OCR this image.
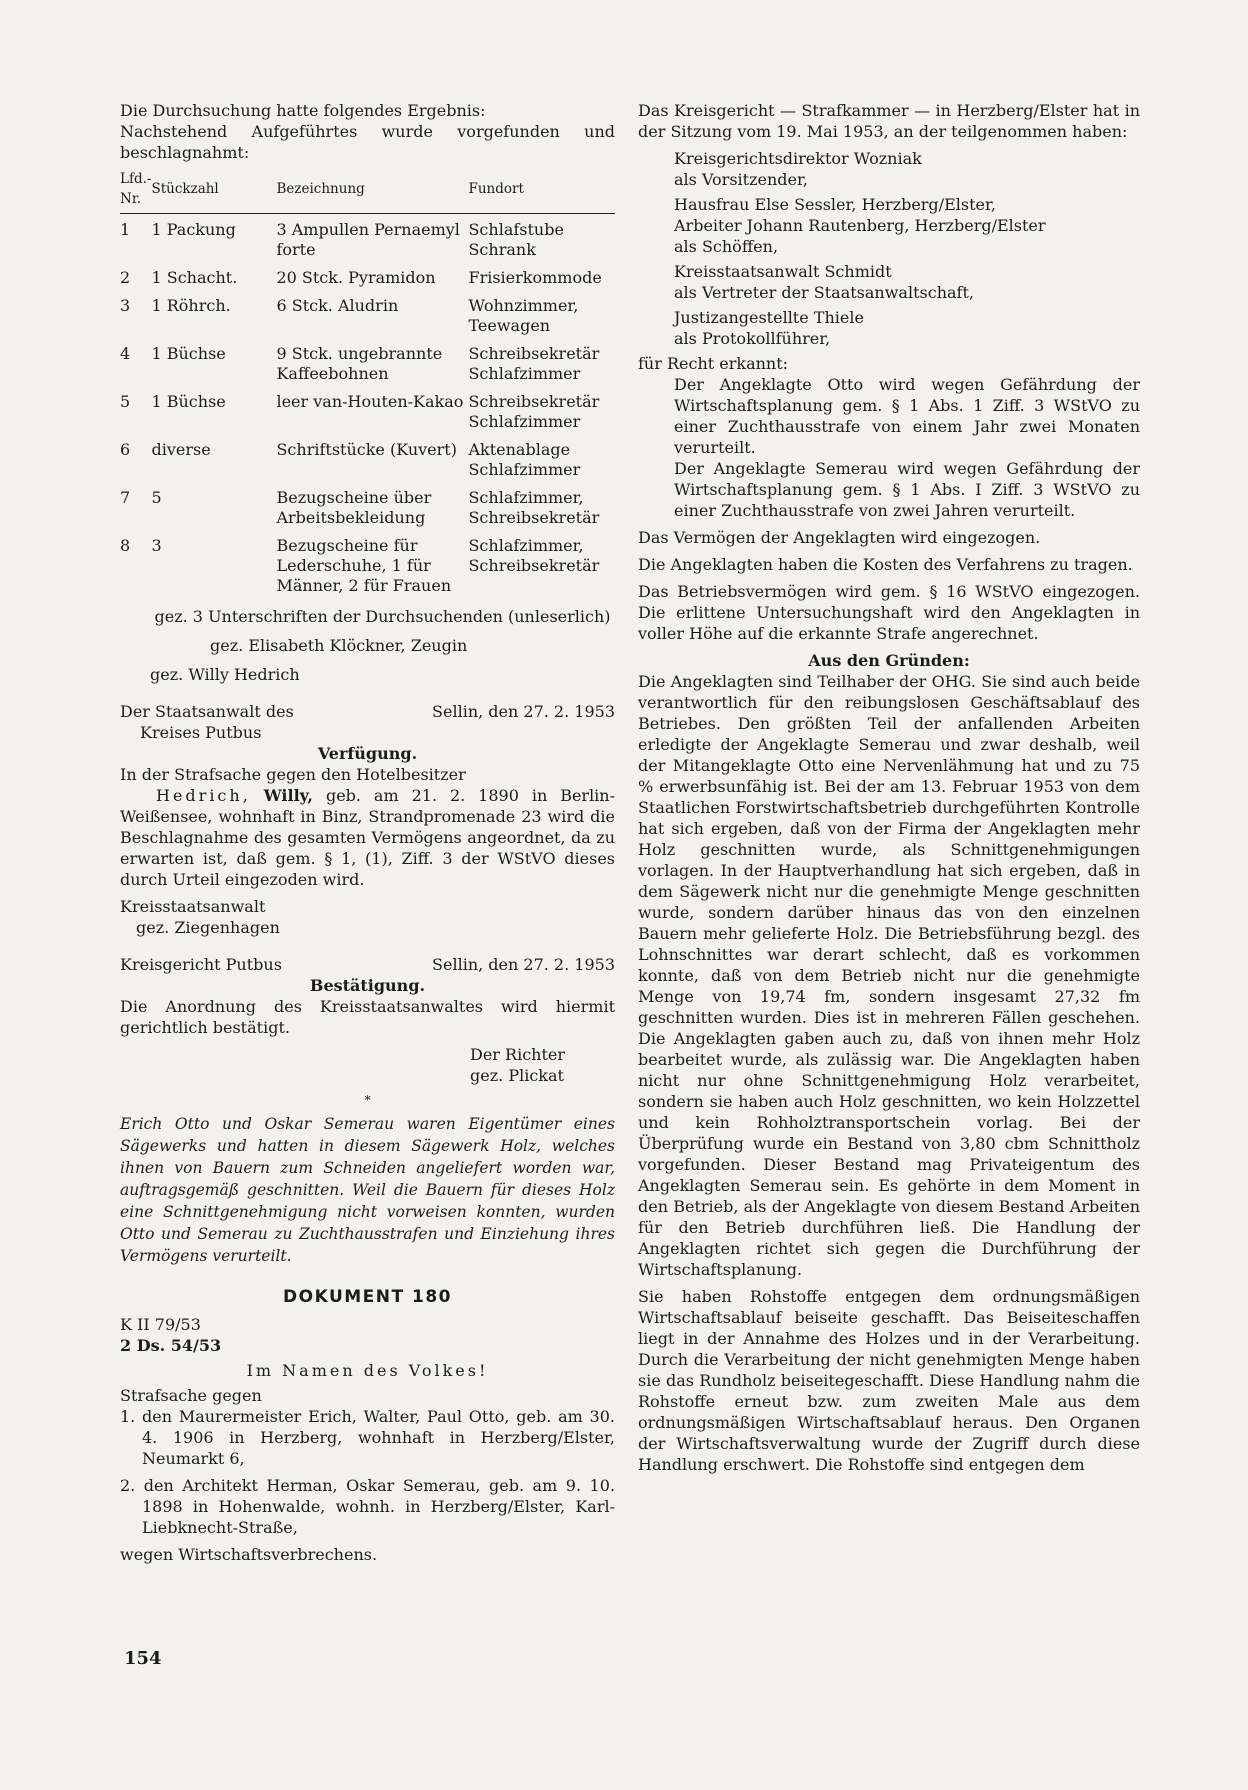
Die Durchsuchung hatte folgendes Ergebnis:

Nachstehend Aufgeführtes wurde vorgefunden und beschlagnahmt:

Lfd.-Nr.	Stückzahl	Bezeichnung	Fundort
1	1 Packung	3 Ampullen Pernaemyl forte	Schlafstube Schrank
2	1 Schacht.	20 Stck. Pyramidon	Frisierkommode
3	1 Röhrch.	6 Stck. Aludrin	Wohnzimmer, Teewagen
4	1 Büchse	9 Stck. ungebrannte Kaffeebohnen	Schreibsekretär Schlafzimmer
5	1 Büchse	leer van-Houten-Kakao	Schreibsekretär Schlafzimmer
6	diverse	Schriftstücke (Kuvert)	Aktenablage Schlafzimmer
7	5	Bezugscheine über Arbeitsbekleidung	Schlafzimmer, Schreibsekretär
8	3	Bezugscheine für Lederschuhe, 1 für Männer, 2 für Frauen	Schlafzimmer, Schreibsekretär

gez. 3 Unterschriften der Durchsuchenden (unleserlich)

gez. Elisabeth Klöckner, Zeugin

gez. Willy Hedrich

Der Staatsanwalt des	Sellin, den 27. 2. 1953

Kreises Putbus

Verfügung.

In der Strafsache gegen den Hotelbesitzer

Hedrich, Willy, geb. am 21. 2. 1890 in Berlin-Weißensee, wohnhaft in Binz, Strandpromenade 23 wird die Beschlagnahme des gesamten Vermögens angeordnet, da zu erwarten ist, daß gem. § 1, (1), Ziff. 3 der WStVO dieses durch Urteil eingezoden wird.

Kreisstaatsanwalt

gez. Ziegenhagen

Kreisgericht Putbus	Sellin, den 27. 2. 1953

Bestätigung.

Die Anordnung des Kreisstaatsanwaltes wird hiermit gerichtlich bestätigt.

Der Richter

gez. Plickat

*

Erich Otto und Oskar Semerau waren Eigentümer eines Sägewerks und hatten in diesem Sägewerk Holz, welches ihnen von Bauern zum Schneiden angeliefert worden war, auftragsgemäß geschnitten. Weil die Bauern für dieses Holz eine Schnittgenehmigung nicht vorweisen konnten, wurden Otto und Semerau zu Zuchthausstrafen und Einziehung ihres Vermögens verurteilt.

DOKUMENT 180

K II 79/53

2 Ds. 54/53

Im Namen des Volkes!

Strafsache gegen

1. den Maurermeister Erich, Walter, Paul Otto, geb. am 30. 4. 1906 in Herzberg, wohnhaft in Herzberg/Elster, Neumarkt 6,

2. den Architekt Herman, Oskar Semerau, geb. am 9. 10. 1898 in Hohenwalde, wohnh. in Herzberg/Elster, Karl-Liebknecht-Straße,

wegen Wirtschaftsverbrechens.

Das Kreisgericht — Strafkammer — in Herzberg/Elster hat in der Sitzung vom 19. Mai 1953, an der teilgenommen haben:

Kreisgerichtsdirektor Wozniak

als Vorsitzender,

Hausfrau Else Sessler, Herzberg/Elster,

Arbeiter Johann Rautenberg, Herzberg/Elster

als Schöffen,

Kreisstaatsanwalt Schmidt

als Vertreter der Staatsanwaltschaft,

Justizangestellte Thiele

als Protokollführer,

für Recht erkannt:

Der Angeklagte Otto wird wegen Gefährdung der Wirtschaftsplanung gem. § 1 Abs. 1 Ziff. 3 WStVO zu einer Zuchthausstrafe von einem Jahr zwei Monaten verurteilt.

Der Angeklagte Semerau wird wegen Gefährdung der Wirtschaftsplanung gem. § 1 Abs. I Ziff. 3 WStVO zu einer Zuchthausstrafe von zwei Jahren verurteilt.

Das Vermögen der Angeklagten wird eingezogen.

Die Angeklagten haben die Kosten des Verfahrens zu tragen.

Das Betriebsvermögen wird gem. § 16 WStVO eingezogen. Die erlittene Untersuchungshaft wird den Angeklagten in voller Höhe auf die erkannte Strafe angerechnet.

Aus den Gründen:

Die Angeklagten sind Teilhaber der OHG. Sie sind auch beide verantwortlich für den reibungslosen Geschäftsablauf des Betriebes. Den größten Teil der anfallenden Arbeiten erledigte der Angeklagte Semerau und zwar deshalb, weil der Mitangeklagte Otto eine Nervenlähmung hat und zu 75 % erwerbsunfähig ist. Bei der am 13. Februar 1953 von dem Staatlichen Forstwirtschaftsbetrieb durchgeführten Kontrolle hat sich ergeben, daß von der Firma der Angeklagten mehr Holz geschnitten wurde, als Schnittgenehmigungen vorlagen. In der Hauptverhandlung hat sich ergeben, daß in dem Sägewerk nicht nur die genehmigte Menge geschnitten wurde, sondern darüber hinaus das von den einzelnen Bauern mehr gelieferte Holz. Die Betriebsführung bezgl. des Lohnschnittes war derart schlecht, daß es vorkommen konnte, daß von dem Betrieb nicht nur die genehmigte Menge von 19,74 fm, sondern insgesamt 27,32 fm geschnitten wurden. Dies ist in mehreren Fällen geschehen. Die Angeklagten gaben auch zu, daß von ihnen mehr Holz bearbeitet wurde, als zulässig war. Die Angeklagten haben nicht nur ohne Schnittgenehmigung Holz verarbeitet, sondern sie haben auch Holz geschnitten, wo kein Holzzettel und kein Rohholztransportschein vorlag. Bei der Überprüfung wurde ein Bestand von 3,80 cbm Schnittholz vorgefunden. Dieser Bestand mag Privateigentum des Angeklagten Semerau sein. Es gehörte in dem Moment in den Betrieb, als der Angeklagte von diesem Bestand Arbeiten für den Betrieb durchführen ließ. Die Handlung der Angeklagten richtet sich gegen die Durchführung der Wirtschaftsplanung.

Sie haben Rohstoffe entgegen dem ordnungsmäßigen Wirtschaftsablauf beiseite geschafft. Das Beiseiteschaffen liegt in der Annahme des Holzes und in der Verarbeitung. Durch die Verarbeitung der nicht genehmigten Menge haben sie das Rundholz beiseitegeschafft. Diese Handlung nahm die Rohstoffe erneut bzw. zum zweiten Male aus dem ordnungsmäßigen Wirtschaftsablauf heraus. Den Organen der Wirtschaftsverwaltung wurde der Zugriff durch diese Handlung erschwert. Die Rohstoffe sind entgegen dem

154
